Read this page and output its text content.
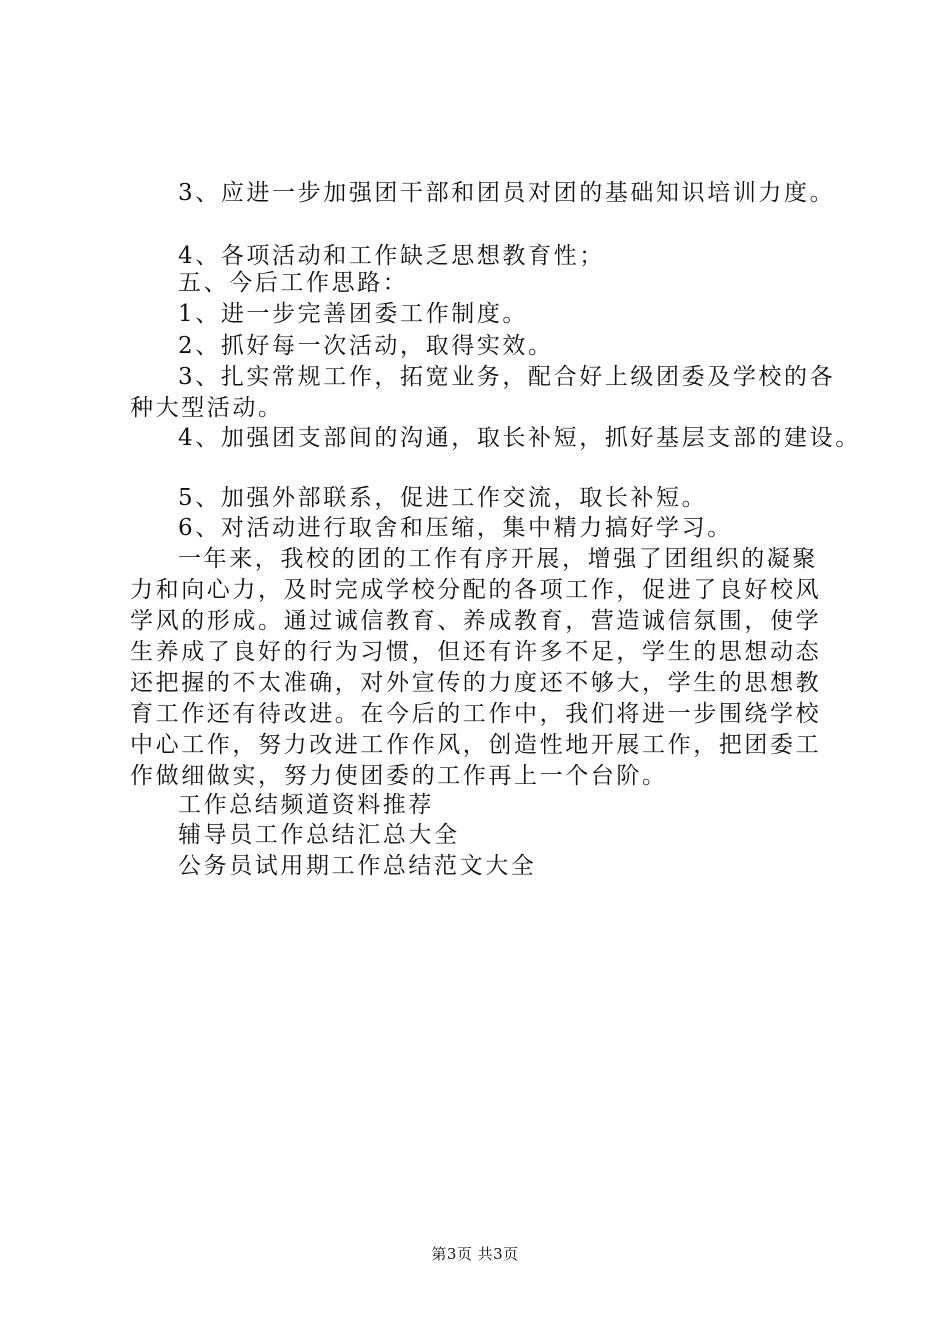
3、应进一步加强团干部和团员对团的基础知识培训力度。
4、各项活动和工作缺乏思想教育性；
五、今后工作思路：
1、进一步完善团委工作制度。
2、抓好每一次活动，取得实效。
3、扎实常规工作，拓宽业务，配合好上级团委及学校的各
种大型活动。
4、加强团支部间的沟通，取长补短，抓好基层支部的建设。
5、加强外部联系，促进工作交流，取长补短。
6、对活动进行取舍和压缩，集中精力搞好学习。
一年来，我校的团的工作有序开展，增强了团组织的凝聚
力和向心力，及时完成学校分配的各项工作，促进了良好校风
学风的形成。通过诚信教育、养成教育，营造诚信氛围，使学
生养成了良好的行为习惯，但还有许多不足，学生的思想动态
还把握的不太准确，对外宣传的力度还不够大，学生的思想教
育工作还有待改进。在今后的工作中，我们将进一步围绕学校
中心工作，努力改进工作作风，创造性地开展工作，把团委工
作做细做实，努力使团委的工作再上一个台阶。
工作总结频道资料推荐
辅导员工作总结汇总大全
公务员试用期工作总结范文大全
第3页 共3页
